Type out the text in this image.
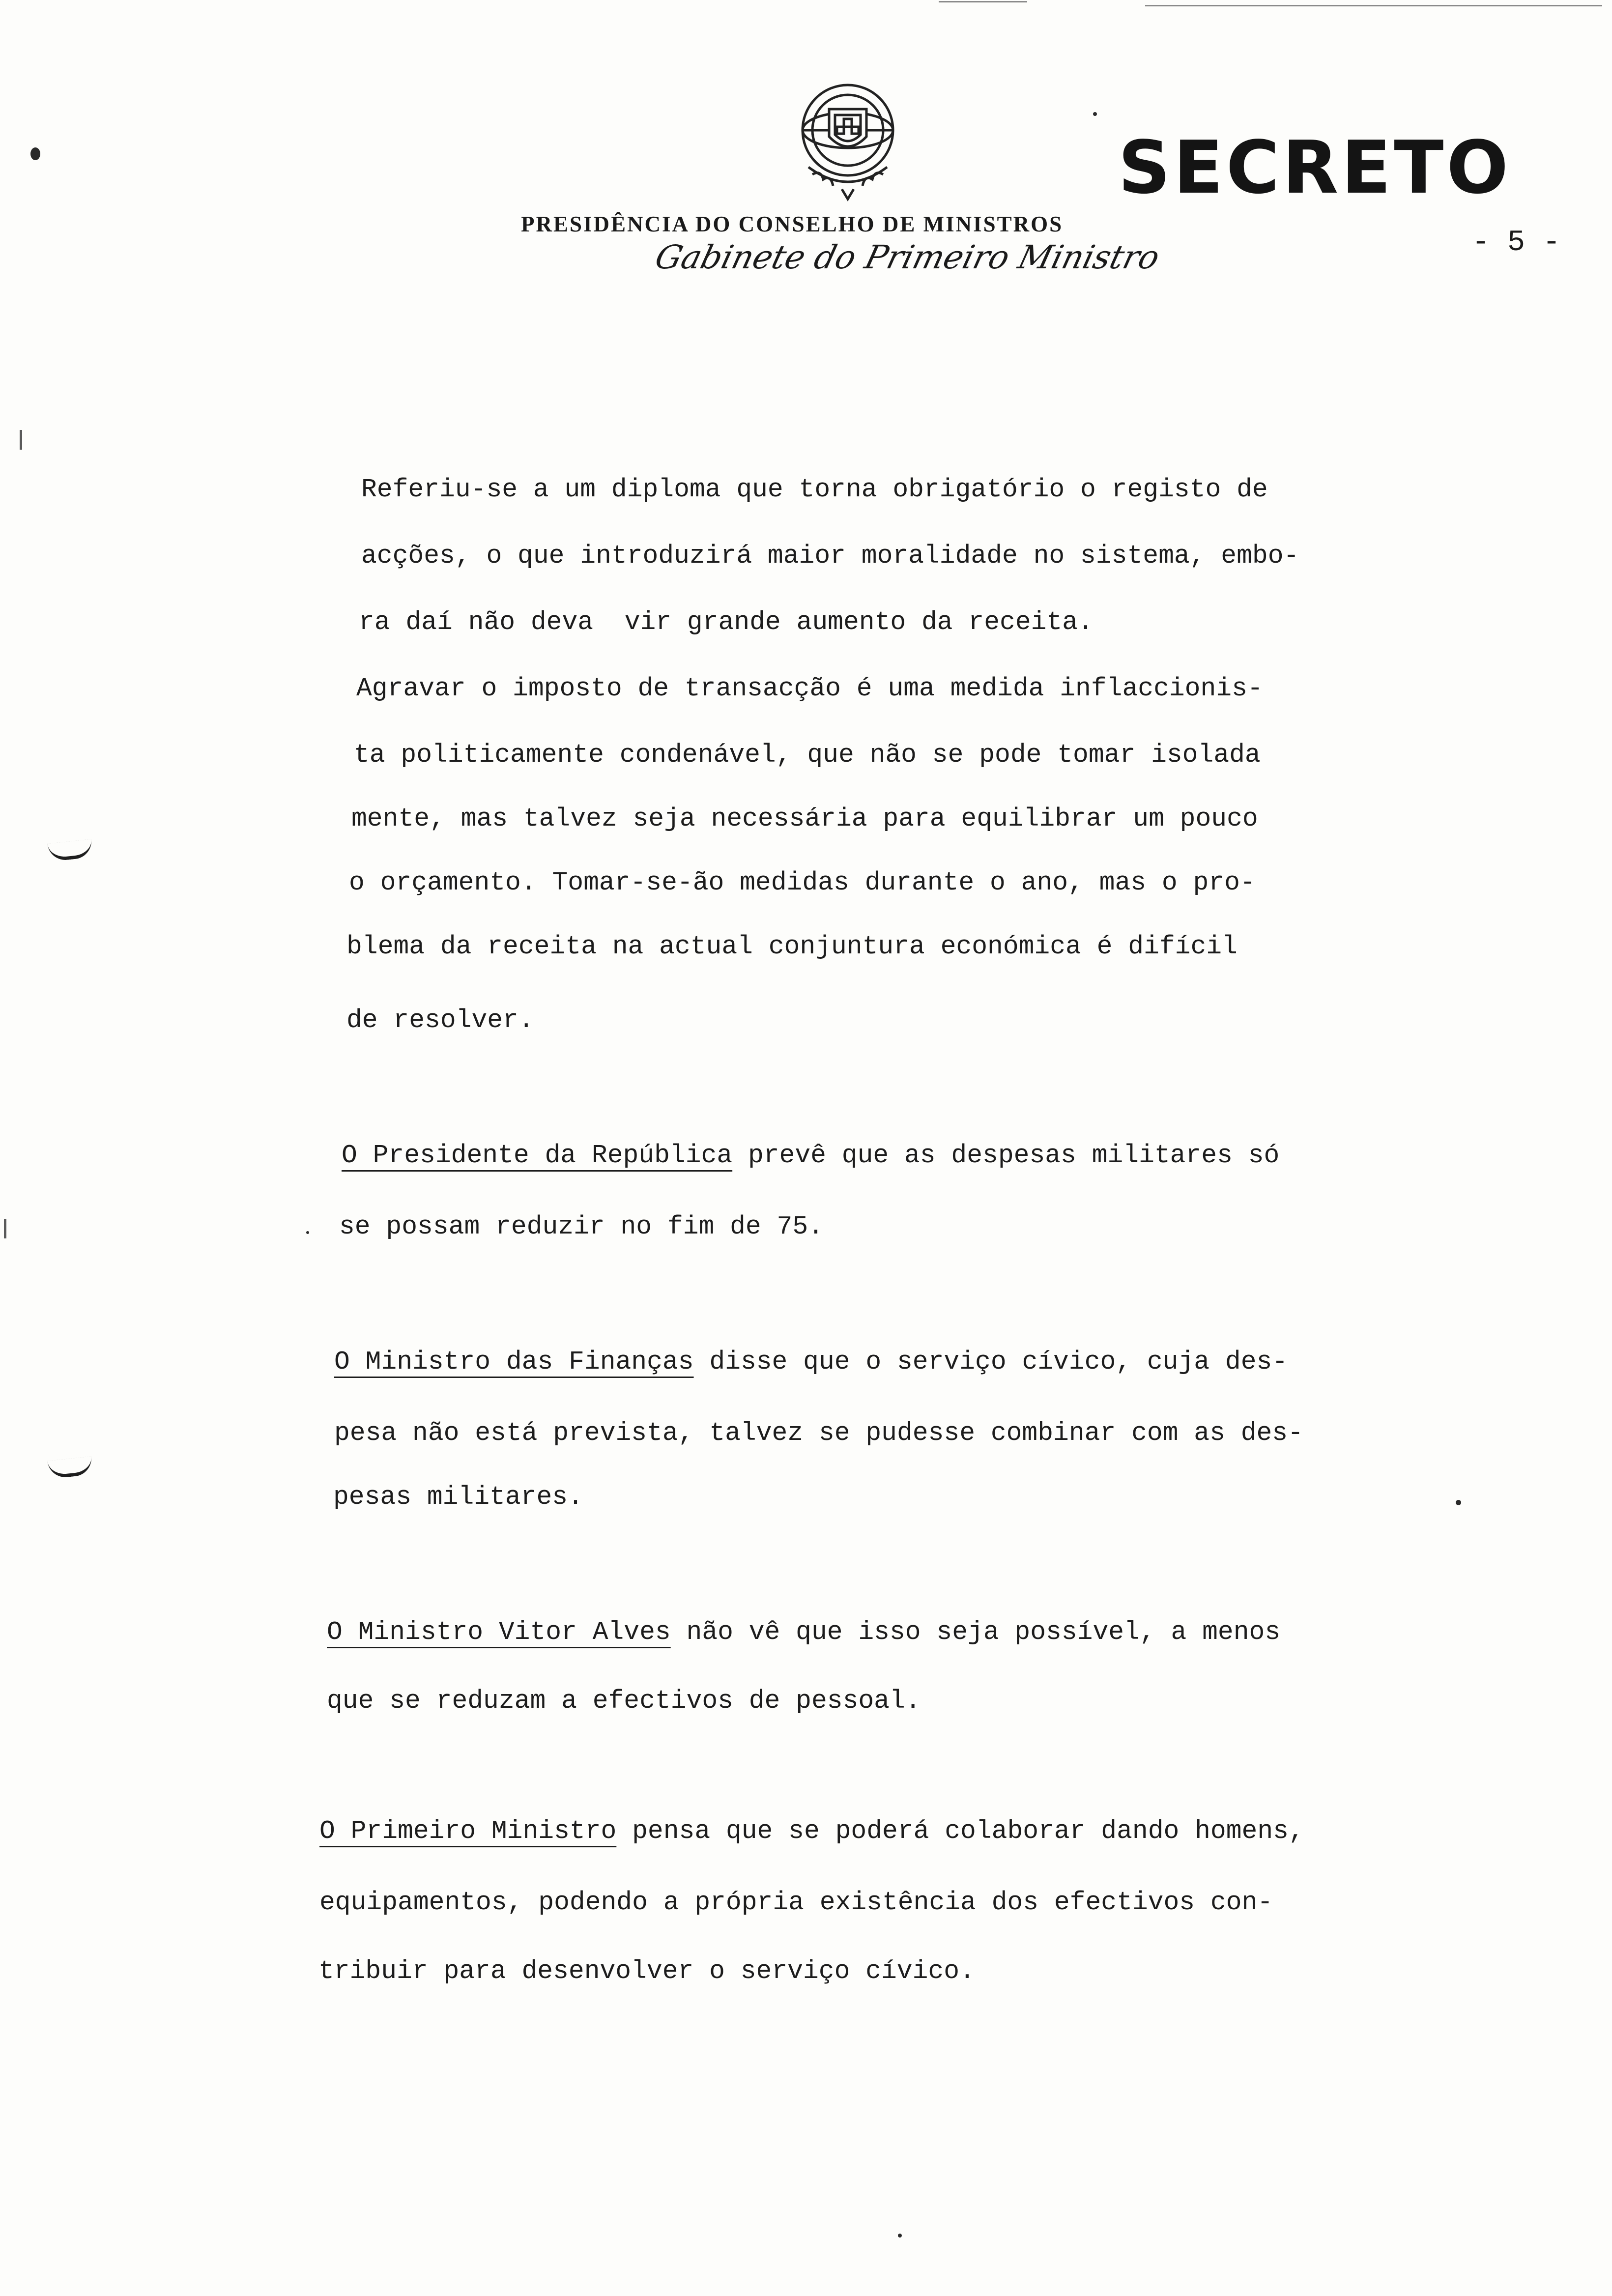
SECRETO
PRESIDÊNCIA DO CONSELHO DE MINISTROS
Gabinete do Primeiro Ministro	- 5 -
Referiu-se a um diploma que torna obrigatório o registo de
acções, o que introduzirá maior moralidade no sistema, embo-
ra daí não deva  vir grande aumento da receita.
Agravar o imposto de transacção é uma medida inflaccionis-
ta politicamente condenável, que não se pode tomar isolada
mente, mas talvez seja necessária para equilibrar um pouco
o orçamento. Tomar-se-ão medidas durante o ano, mas o pro-
blema da receita na actual conjuntura económica é difícil
de resolver.
O Presidente da República prevê que as despesas militares só
se possam reduzir no fim de 75.
O Ministro das Finanças disse que o serviço cívico, cuja des-
pesa não está prevista, talvez se pudesse combinar com as des-
pesas militares.
O Ministro Vitor Alves não vê que isso seja possível, a menos
que se reduzam a efectivos de pessoal.
O Primeiro Ministro pensa que se poderá colaborar dando homens,
equipamentos, podendo a própria existência dos efectivos con-
tribuir para desenvolver o serviço cívico.
